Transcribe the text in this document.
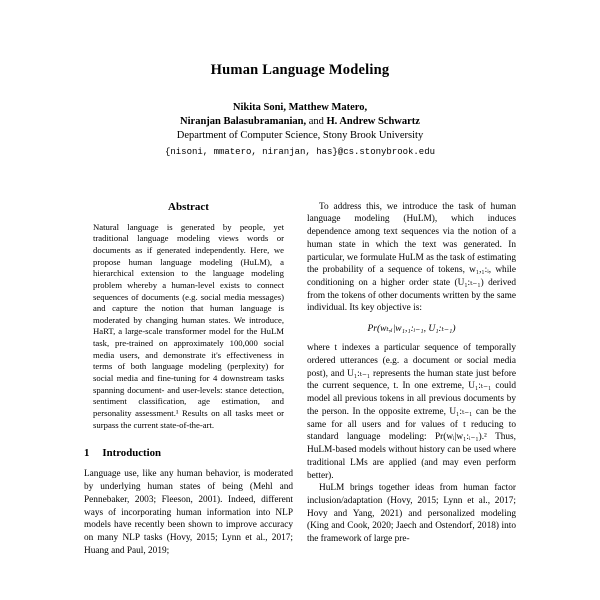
Human Language Modeling
Nikita Soni, Matthew Matero,
Niranjan Balasubramanian, and H. Andrew Schwartz
Department of Computer Science, Stony Brook University
{nisoni, mmatero, niranjan, has}@cs.stonybrook.edu
Abstract

Natural language is generated by people, yet traditional language modeling views words or documents as if generated independently. Here, we propose human language modeling (HuLM), a hierarchical extension to the language modeling problem whereby a human-level exists to connect sequences of documents (e.g. social media messages) and capture the notion that human language is moderated by changing human states. We introduce, HaRT, a large-scale transformer model for the HuLM task, pre-trained on approximately 100,000 social media users, and demonstrate it's effectiveness in terms of both language modeling (perplexity) for social media and fine-tuning for 4 downstream tasks spanning document- and user-levels: stance detection, sentiment classification, age estimation, and personality assessment.¹ Results on all tasks meet or surpass the current state-of-the-art.

1 Introduction

Language use, like any human behavior, is moderated by underlying human states of being (Mehl and Pennebaker, 2003; Fleeson, 2001). Indeed, different ways of incorporating human information into NLP models have recently been shown to improve accuracy on many NLP tasks (Hovy, 2015; Lynn et al., 2017; Huang and Paul, 2019;

To address this, we introduce the task of human language modeling (HuLM), which induces dependence among text sequences via the notion of a human state in which the text was generated. In particular, we formulate HuLM as the task of estimating the probability of a sequence of tokens, w₁,₁:ᵢ, while conditioning on a higher order state (U₁:ₜ₋₁) derived from the tokens of other documents written by the same individual. Its key objective is:

Pr(wₜ,ᵢ|w₁,₁:ᵢ₋₁, U₁:ₜ₋₁)

where t indexes a particular sequence of temporally ordered utterances (e.g. a document or social media post), and U₁:ₜ₋₁ represents the human state just before the current sequence, t. In one extreme, U₁:ₜ₋₁ could model all previous tokens in all previous documents by the person. In the opposite extreme, U₁:ₜ₋₁ can be the same for all users and for values of t reducing to standard language modeling: Pr(wᵢ|w₁:ᵢ₋₁).² Thus, HuLM-based models without history can be used where traditional LMs are applied (and may even perform better).

HuLM brings together ideas from human factor inclusion/adaptation (Hovy, 2015; Lynn et al., 2017; Hovy and Yang, 2021) and personalized modeling (King and Cook, 2020; Jaech and Ostendorf, 2018) into the framework of large pre-
